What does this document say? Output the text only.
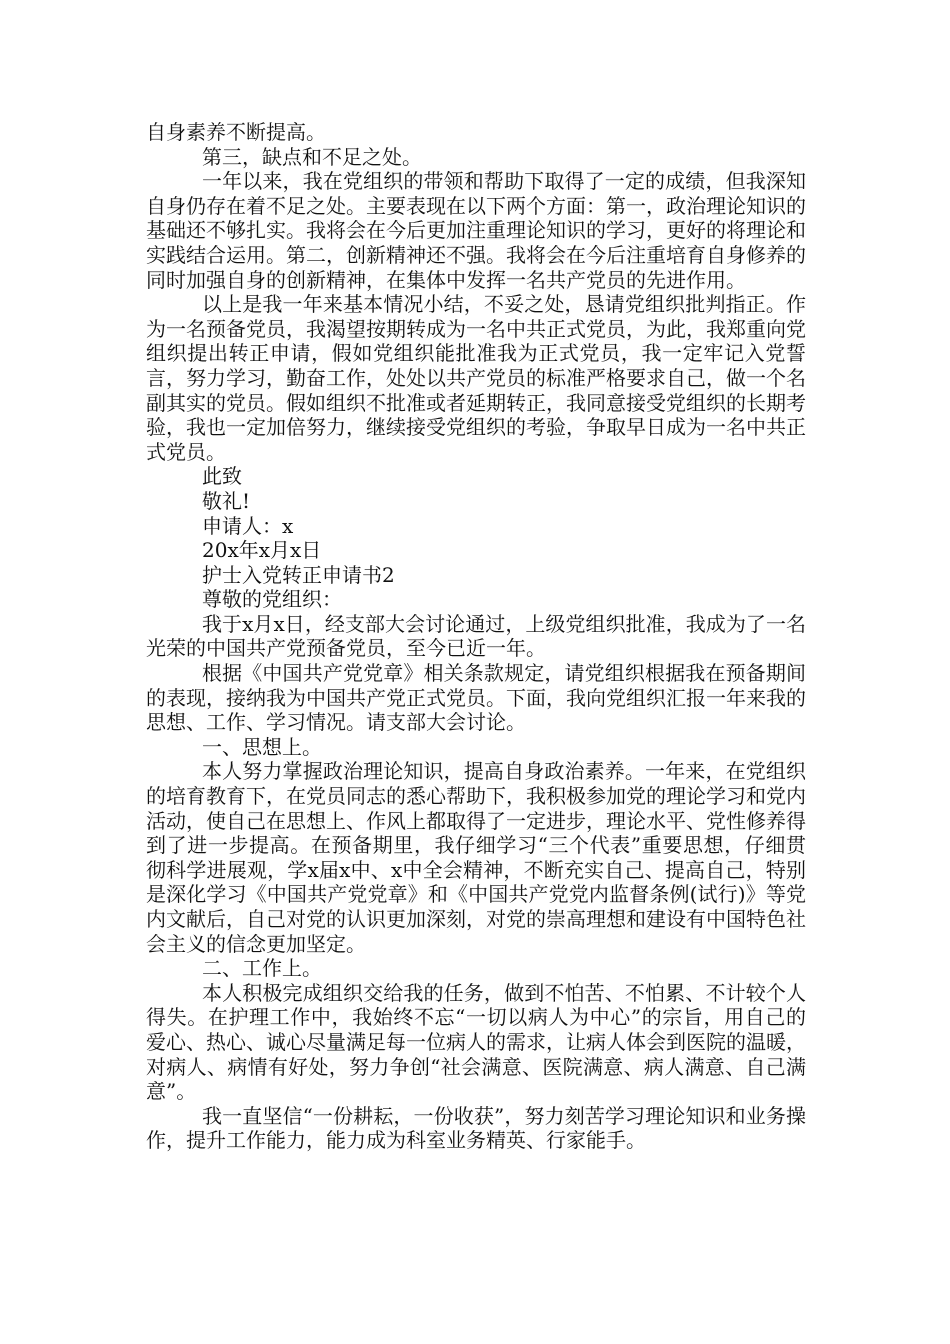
自身素养不断提高。

第三，缺点和不足之处。

一年以来，我在党组织的带领和帮助下取得了一定的成绩，但我深知自身仍存在着不足之处。主要表现在以下两个方面：第一，政治理论知识的基础还不够扎实。我将会在今后更加注重理论知识的学习，更好的将理论和实践结合运用。第二，创新精神还不强。我将会在今后注重培育自身修养的同时加强自身的创新精神，在集体中发挥一名共产党员的先进作用。

以上是我一年来基本情况小结，不妥之处，恳请党组织批判指正。作为一名预备党员，我渴望按期转成为一名中共正式党员，为此，我郑重向党组织提出转正申请，假如党组织能批准我为正式党员，我一定牢记入党誓言，努力学习，勤奋工作，处处以共产党员的标准严格要求自己，做一个名副其实的党员。假如组织不批准或者延期转正，我同意接受党组织的长期考验，我也一定加倍努力，继续接受党组织的考验，争取早日成为一名中共正式党员。

此致

敬礼!

申请人：x

20x年x月x日

护士入党转正申请书2

尊敬的党组织：

我于x月x日，经支部大会讨论通过，上级党组织批准，我成为了一名光荣的中国共产党预备党员，至今已近一年。

根据《中国共产党党章》相关条款规定，请党组织根据我在预备期间的表现，接纳我为中国共产党正式党员。下面，我向党组织汇报一年来我的思想、工作、学习情况。请支部大会讨论。

一、思想上。

本人努力掌握政治理论知识，提高自身政治素养。一年来，在党组织的培育教育下，在党员同志的悉心帮助下，我积极参加党的理论学习和党内活动，使自己在思想上、作风上都取得了一定进步，理论水平、党性修养得到了进一步提高。在预备期里，我仔细学习“三个代表”重要思想，仔细贯彻科学进展观，学x届x中、x中全会精神，不断充实自己、提高自己，特别是深化学习《中国共产党党章》和《中国共产党党内监督条例(试行)》等党内文献后，自己对党的认识更加深刻，对党的崇高理想和建设有中国特色社会主义的信念更加坚定。

二、工作上。

本人积极完成组织交给我的任务，做到不怕苦、不怕累、不计较个人得失。在护理工作中，我始终不忘“一切以病人为中心”的宗旨，用自己的爱心、热心、诚心尽量满足每一位病人的需求，让病人体会到医院的温暖，对病人、病情有好处，努力争创“社会满意、医院满意、病人满意、自己满意”。

我一直坚信“一份耕耘，一份收获”，努力刻苦学习理论知识和业务操作，提升工作能力，能力成为科室业务精英、行家能手。
